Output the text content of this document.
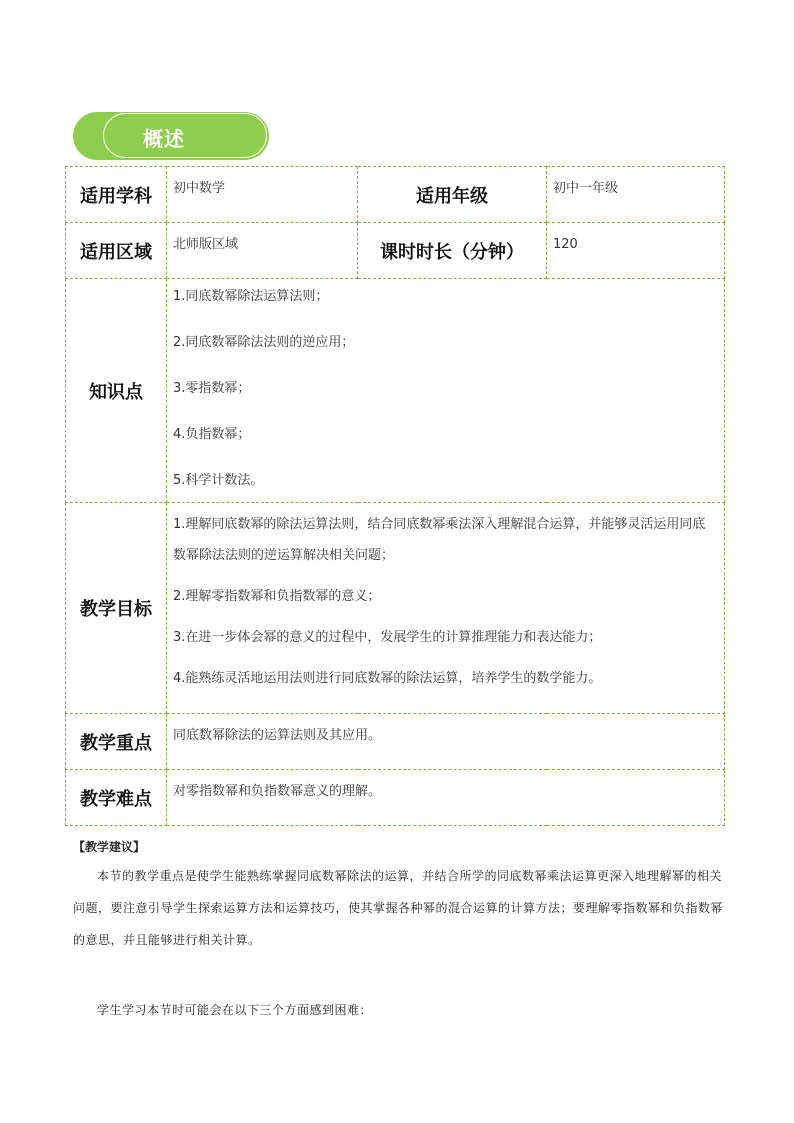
概述
适用学科	初中数学	适用年级	初中一年级
适用区域	北师版区域	课时时长（分钟）	120
知识点	1.同底数幂除法运算法则；
2.同底数幂除法法则的逆应用；
3.零指数幂；
4.负指数幂；
5.科学计数法。		

教学目标	1.理解同底数幂的除法运算法则，结合同底数幂乘法深入理解混合运算，并能够灵活运用同底数幂除法法则的逆运算解决相关问题；
2.理解零指数幂和负指数幂的意义；
3.在进一步体会幂的意义的过程中，发展学生的计算推理能力和表达能力；
4.能熟练灵活地运用法则进行同底数幂的除法运算，培养学生的数学能力。		

教学重点	同底数幂除法的运算法则及其应用。		
教学难点	对零指数幂和负指数幂意义的理解。		
【教学建议】
本节的教学重点是使学生能熟练掌握同底数幂除法的运算，并结合所学的同底数幂乘法运算更深入地理解幂的相关问题，要注意引导学生探索运算方法和运算技巧，使其掌握各种幂的混合运算的计算方法；要理解零指数幂和负指数幂的意思，并且能够进行相关计算。
学生学习本节时可能会在以下三个方面感到困难：
